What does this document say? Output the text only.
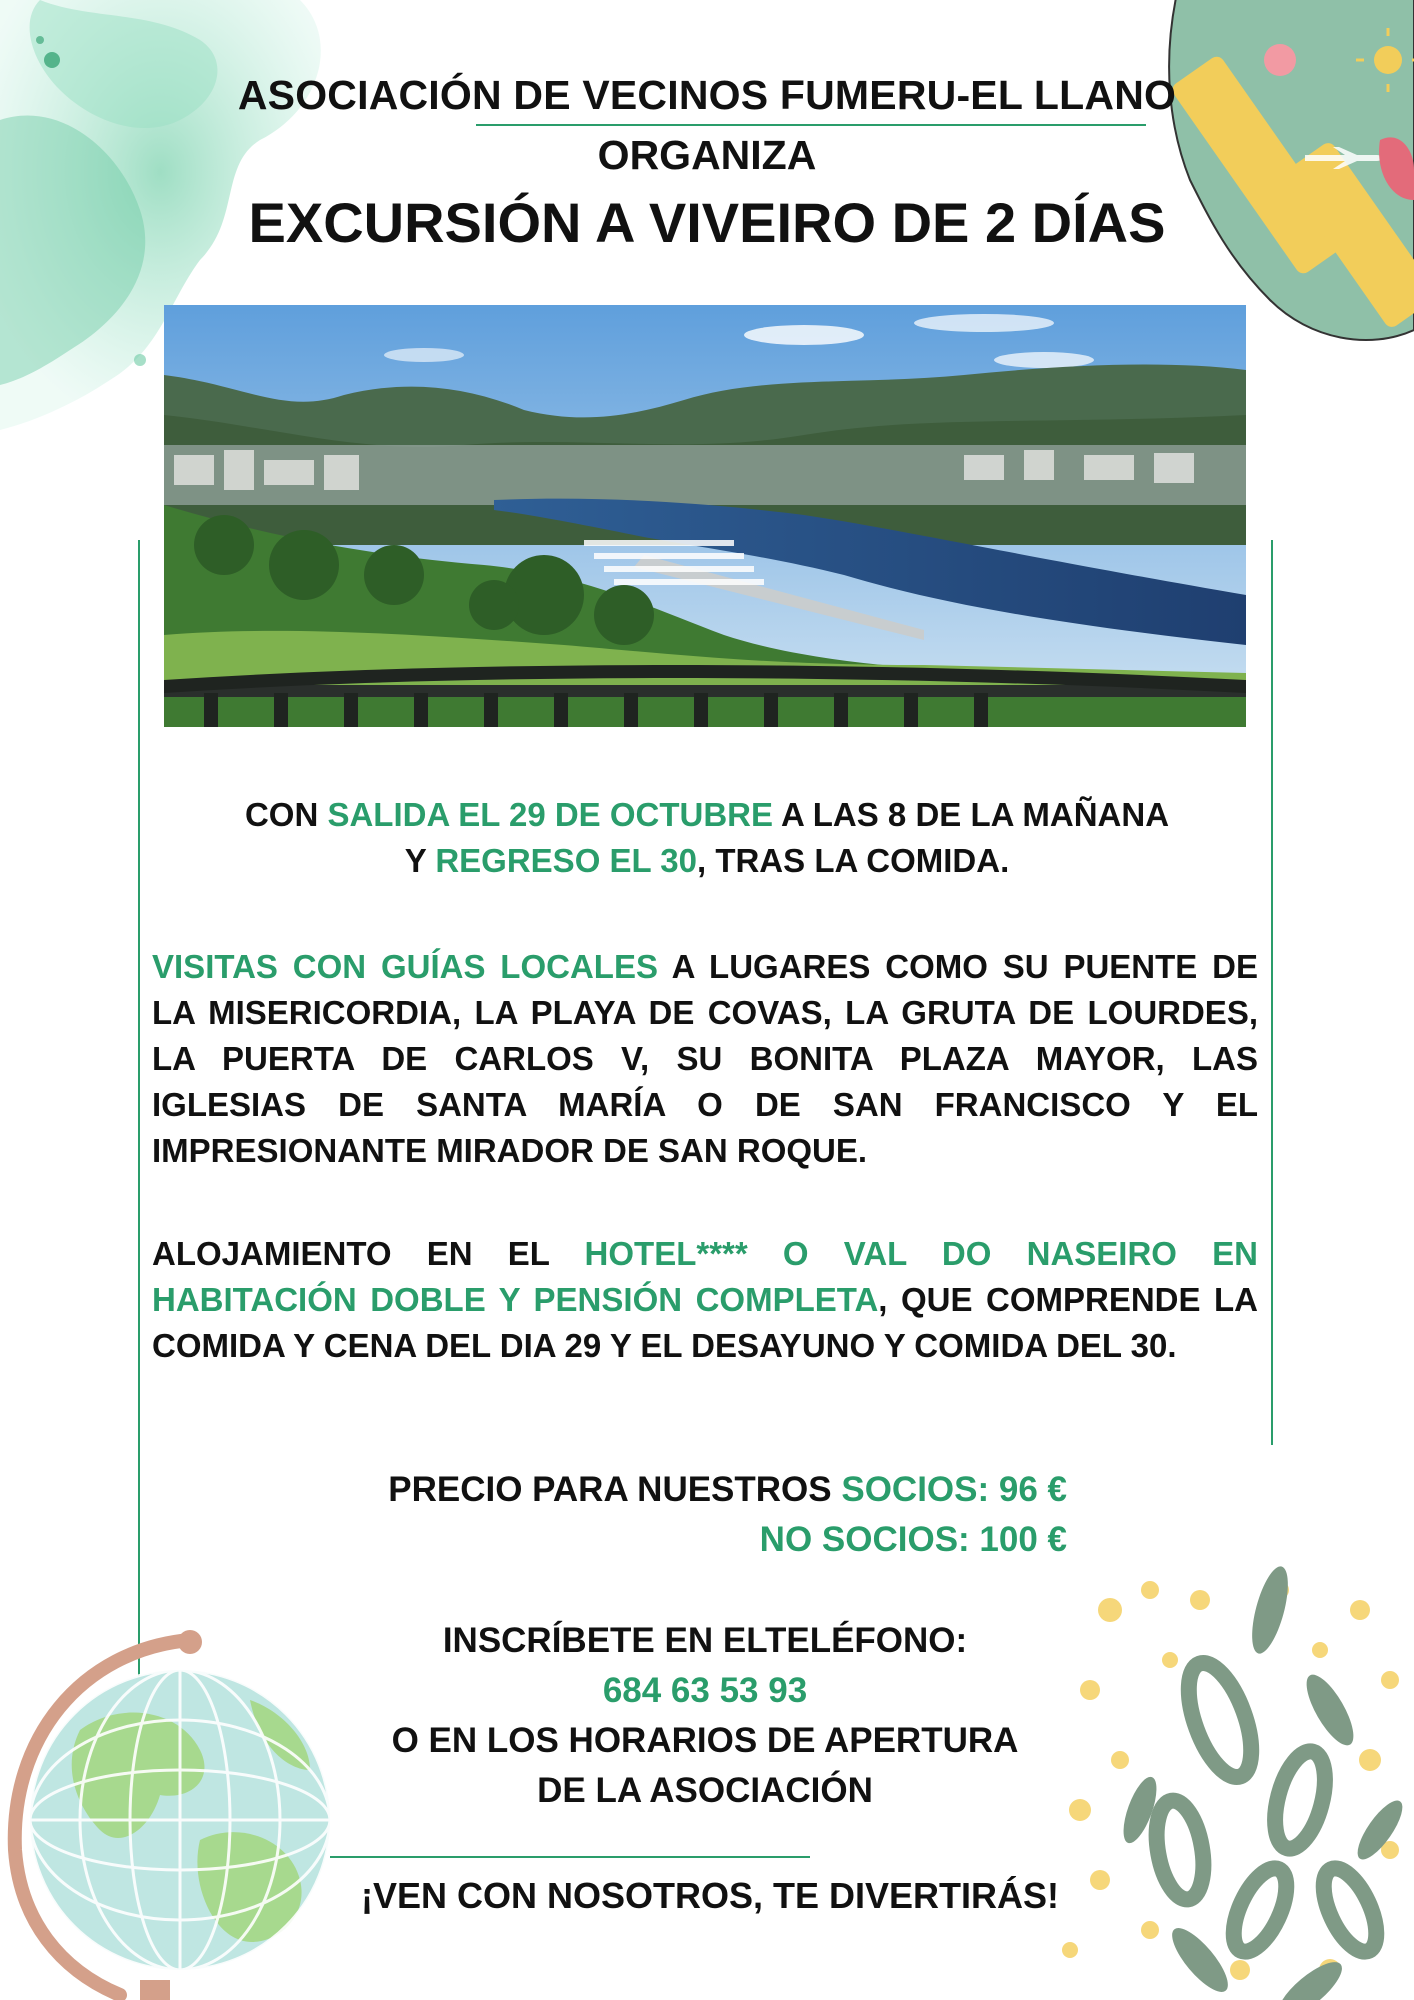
ASOCIACIÓN DE VECINOS FUMERU-EL LLANO
ORGANIZA
EXCURSIÓN A VIVEIRO DE 2 DÍAS
CON SALIDA EL 29 DE OCTUBRE A LAS 8 DE LA MAÑANA
Y REGRESO EL 30, TRAS LA COMIDA.
VISITAS CON GUÍAS LOCALES A LUGARES COMO SU PUENTE DE LA MISERICORDIA, LA PLAYA DE COVAS, LA GRUTA DE LOURDES, LA PUERTA DE CARLOS V, SU BONITA PLAZA MAYOR, LAS IGLESIAS DE SANTA MARÍA O DE SAN FRANCISCO Y EL IMPRESIONANTE MIRADOR DE SAN ROQUE.
ALOJAMIENTO EN EL HOTEL**** O VAL DO NASEIRO EN HABITACIÓN DOBLE Y PENSIÓN COMPLETA, QUE COMPRENDE LA COMIDA Y CENA DEL DIA 29 Y EL DESAYUNO Y COMIDA DEL 30.
PRECIO PARA NUESTROS SOCIOS: 96 €
NO SOCIOS: 100 €
INSCRÍBETE EN ELTELÉFONO:
684 63 53 93
O EN LOS HORARIOS DE APERTURA
DE LA ASOCIACIÓN
¡VEN CON NOSOTROS, TE DIVERTIRÁS!
